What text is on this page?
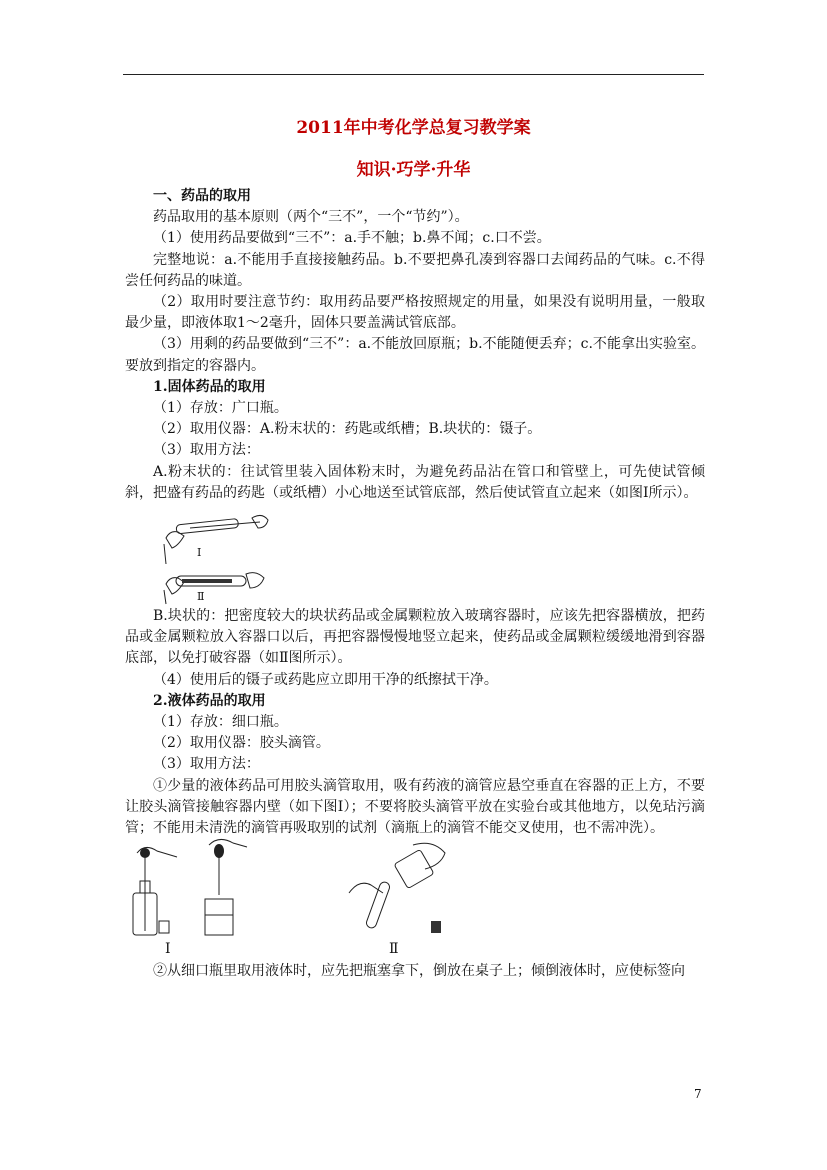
2011年中考化学总复习教学案
知识·巧学·升华

一、药品的取用

药品取用的基本原则（两个“三不”，一个“节约”）。

（1）使用药品要做到“三不”：a.手不触；b.鼻不闻；c.口不尝。

完整地说：a.不能用手直接接触药品。b.不要把鼻孔凑到容器口去闻药品的气味。c.不得尝任何药品的味道。

（2）取用时要注意节约：取用药品要严格按照规定的用量，如果没有说明用量，一般取最少量，即液体取1～2毫升，固体只要盖满试管底部。

（3）用剩的药品要做到“三不”：a.不能放回原瓶；b.不能随便丢弃；c.不能拿出实验室。要放到指定的容器内。

1.固体药品的取用

（1）存放：广口瓶。

（2）取用仪器：A.粉末状的：药匙或纸槽；B.块状的：镊子。

（3）取用方法：

A.粉末状的：往试管里装入固体粉末时，为避免药品沾在管口和管壁上，可先使试管倾斜，把盛有药品的药匙（或纸槽）小心地送至试管底部，然后使试管直立起来（如图Ⅰ所示）。

Ⅰ
Ⅱ

B.块状的：把密度较大的块状药品或金属颗粒放入玻璃容器时，应该先把容器横放，把药品或金属颗粒放入容器口以后，再把容器慢慢地竖立起来，使药品或金属颗粒缓缓地滑到容器底部，以免打破容器（如Ⅱ图所示）。

（4）使用后的镊子或药匙应立即用干净的纸擦拭干净。

2.液体药品的取用

（1）存放：细口瓶。

（2）取用仪器：胶头滴管。

（3）取用方法：

①少量的液体药品可用胶头滴管取用，吸有药液的滴管应悬空垂直在容器的正上方，不要让胶头滴管接触容器内壁（如下图Ⅰ）；不要将胶头滴管平放在实验台或其他地方，以免玷污滴管；不能用未清洗的滴管再吸取别的试剂（滴瓶上的滴管不能交叉使用，也不需冲洗）。

Ⅰ	Ⅱ

②从细口瓶里取用液体时，应先把瓶塞拿下，倒放在桌子上；倾倒液体时，应使标签向

7
